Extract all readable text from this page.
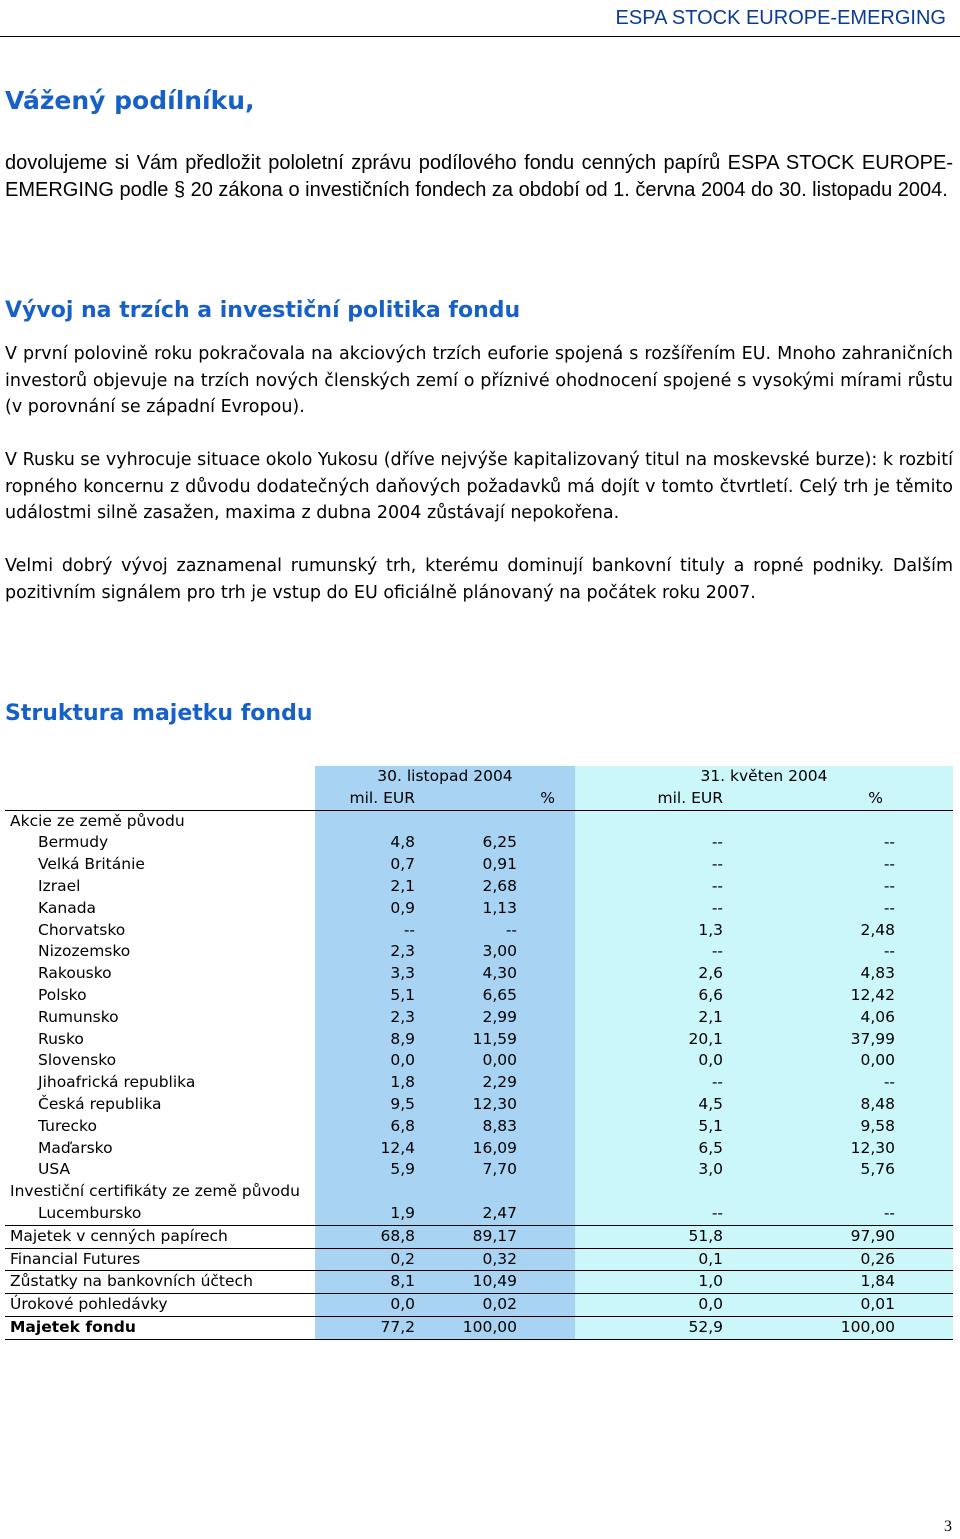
ESPA STOCK EUROPE-EMERGING
Vážený podílníku,

dovolujeme si Vám předložit pololetní zprávu podílového fondu cenných papírů ESPA STOCK EUROPE-EMERGING podle § 20 zákona o investičních fondech za období od 1. června 2004 do 30. listopadu 2004.

Vývoj na trzích a investiční politika fondu

V první polovině roku pokračovala na akciových trzích euforie spojená s rozšířením EU. Mnoho zahraničních investorů objevuje na trzích nových členských zemí o příznivé ohodnocení spojené s vysokými mírami růstu (v porovnání se západní Evropou).

V Rusku se vyhrocuje situace okolo Yukosu (dříve nejvýše kapitalizovaný titul na moskevské burze): k rozbití ropného koncernu z důvodu dodatečných daňových požadavků má dojít v tomto čtvrtletí. Celý trh je těmito událostmi silně zasažen, maxima z dubna 2004 zůstávají nepokořena.

Velmi dobrý vývoj zaznamenal rumunský trh, kterému dominují bankovní tituly a ropné podniky. Dalším pozitivním signálem pro trh je vstup do EU oficiálně plánovaný na počátek roku 2007.

Struktura majetku fondu
	30. listopad 2004		31. květen 2004	
	mil. EUR	%	mil. EUR	%
Akcie ze země původu				
Bermudy	4,8	6,25	--	--
Velká Británie	0,7	0,91	--	--
Izrael	2,1	2,68	--	--
Kanada	0,9	1,13	--	--
Chorvatsko	--	--	1,3	2,48
Nizozemsko	2,3	3,00	--	--
Rakousko	3,3	4,30	2,6	4,83
Polsko	5,1	6,65	6,6	12,42
Rumunsko	2,3	2,99	2,1	4,06
Rusko	8,9	11,59	20,1	37,99
Slovensko	0,0	0,00	0,0	0,00
Jihoafrická republika	1,8	2,29	--	--
Česká republika	9,5	12,30	4,5	8,48
Turecko	6,8	8,83	5,1	9,58
Maďarsko	12,4	16,09	6,5	12,30
USA	5,9	7,70	3,0	5,76
Investiční certifikáty ze země původu				
Lucembursko	1,9	2,47	--	--
Majetek v cenných papírech	68,8	89,17	51,8	97,90
Financial Futures	0,2	0,32	0,1	0,26
Zůstatky na bankovních účtech	8,1	10,49	1,0	1,84
Úrokové pohledávky	0,0	0,02	0,0	0,01
Majetek fondu	77,2	100,00	52,9	100,00
3
